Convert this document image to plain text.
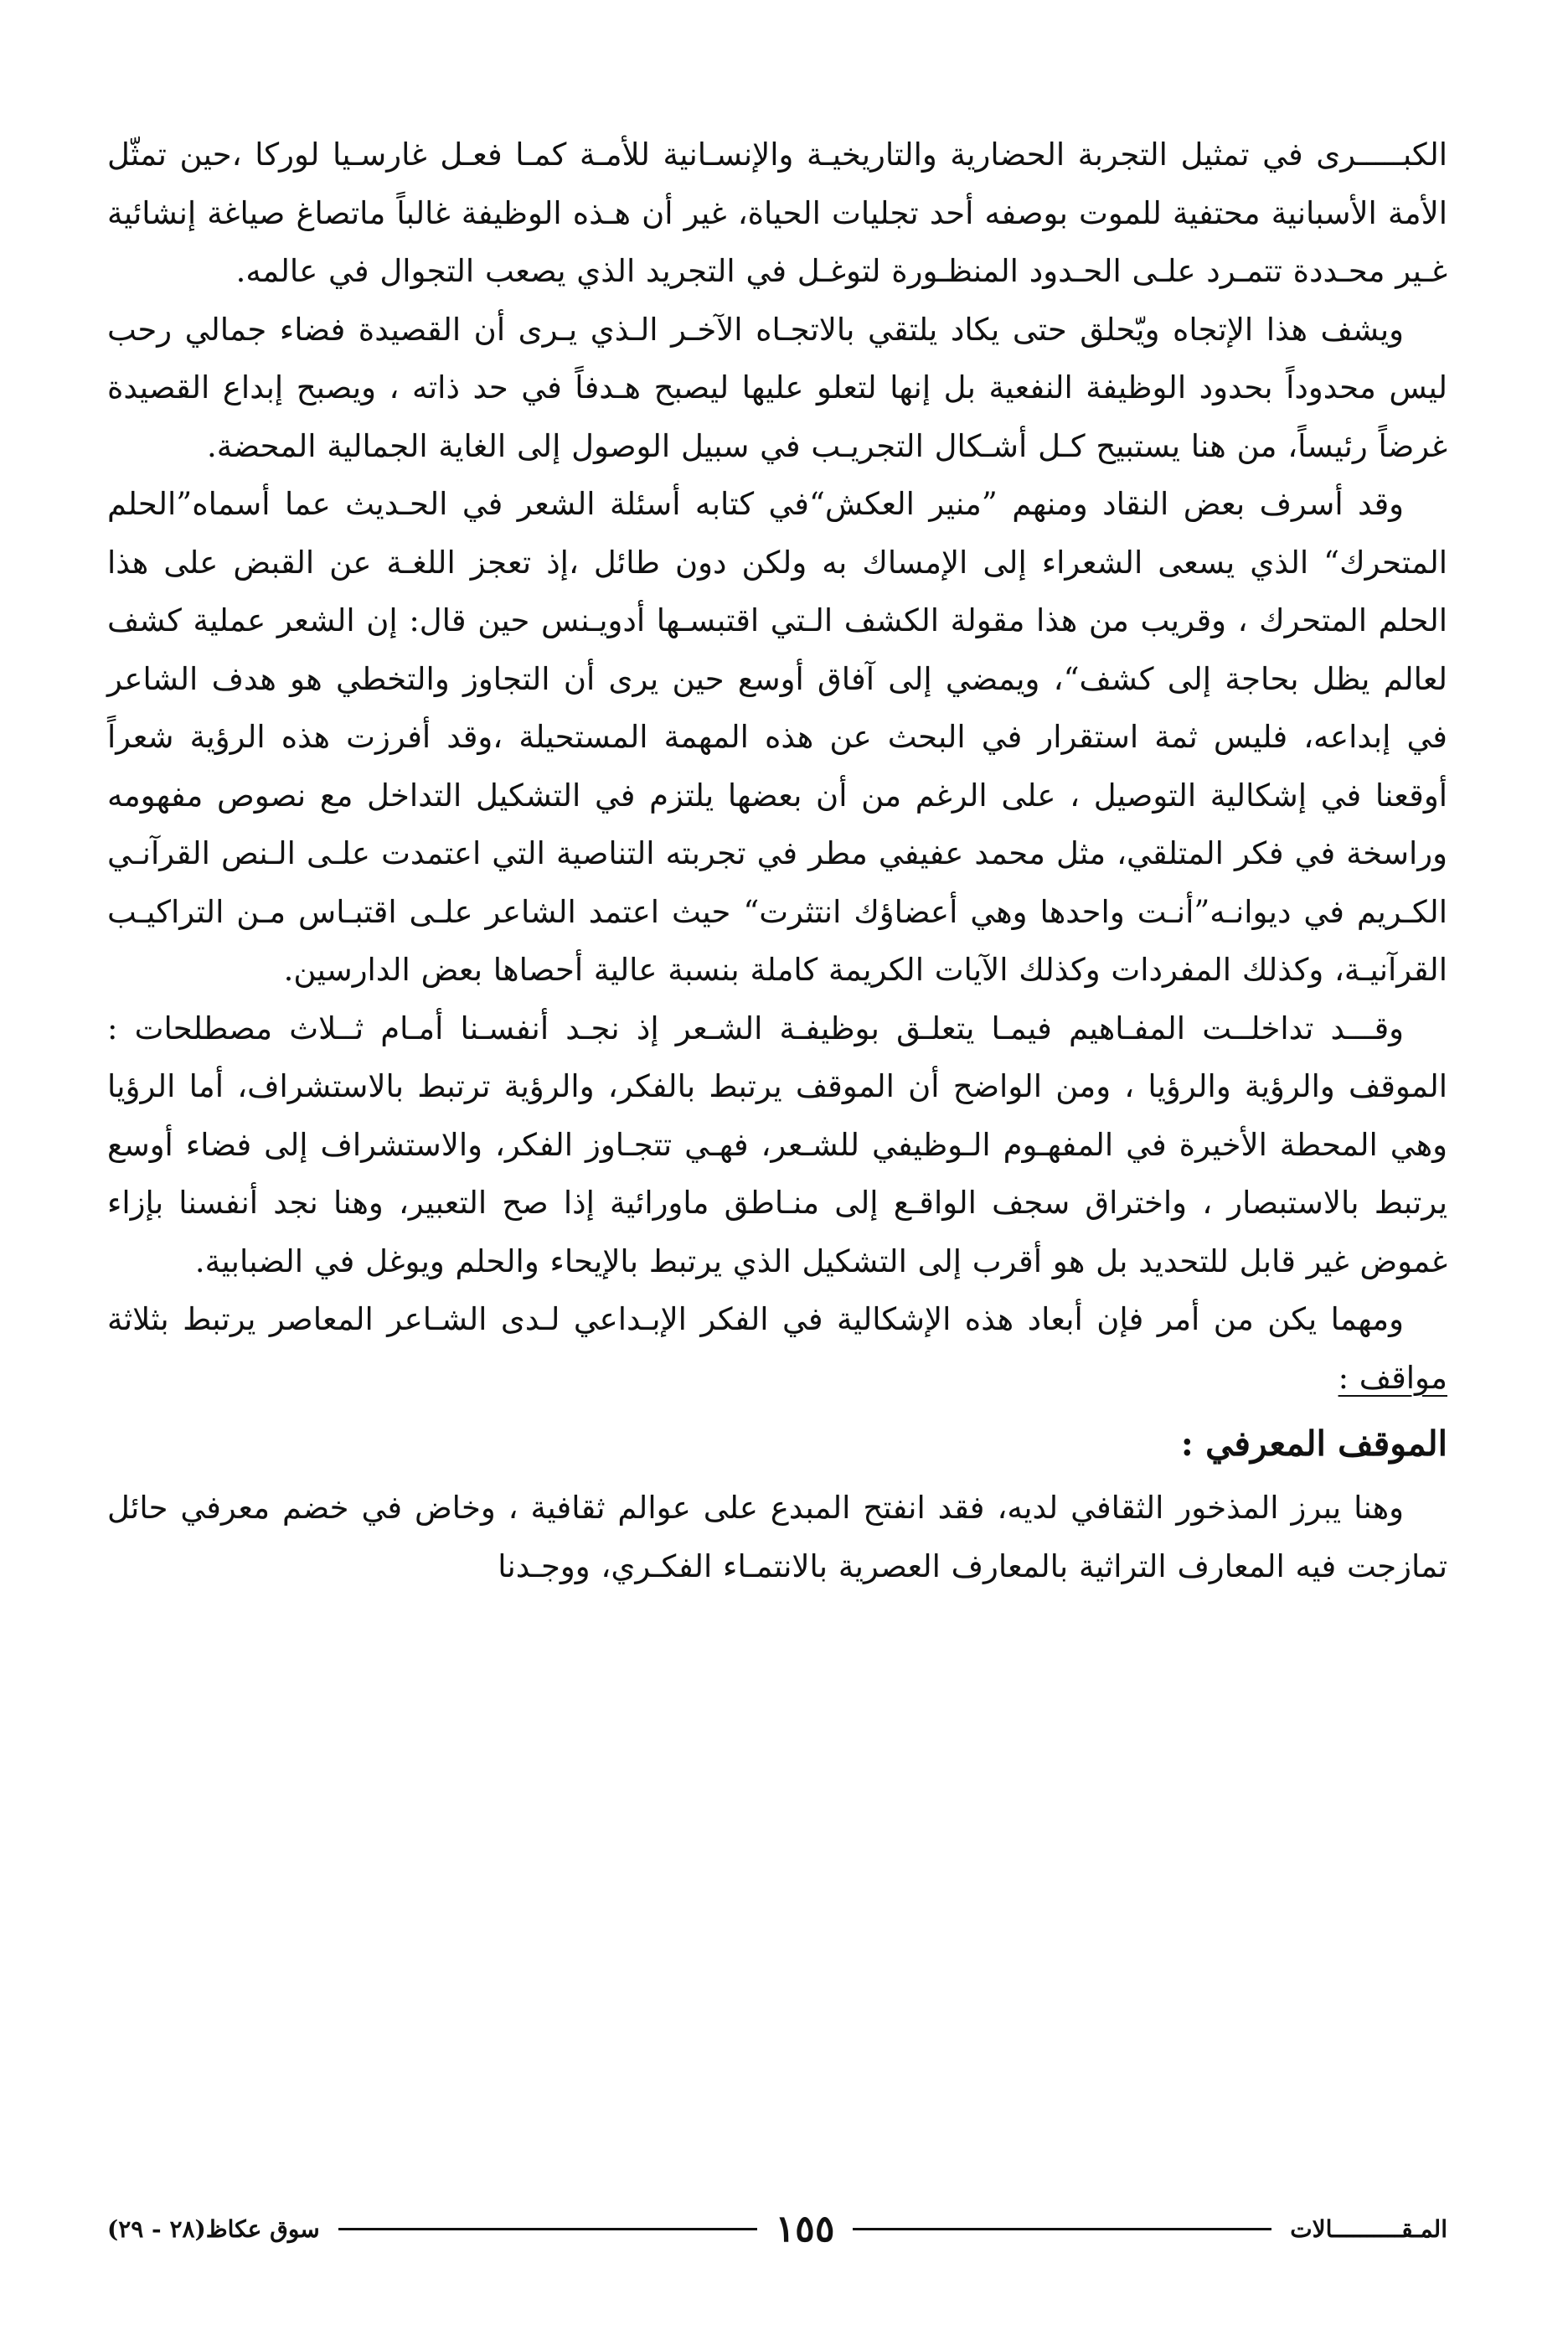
الكبـــــرى في تمثيل التجربة الحضارية والتاريخيـة والإنسـانية للأمـة كمـا فعـل غارسـيا لوركا ،حين تمثّل الأمة الأسبانية محتفية للموت بوصفه أحد تجليات الحياة، غير أن هـذه الوظيفة غالباً ماتصاغ صياغة إنشائية غـير محـددة تتمـرد علـى الحـدود المنظـورة لتوغـل في التجريد الذي يصعب التجوال في عالمه.

ويشف هذا الإتجاه ويّحلق حتى يكاد يلتقي بالاتجـاه الآخـر الـذي يـرى أن القصيدة فضاء جمالي رحب ليس محدوداً بحدود الوظيفة النفعية بل إنها لتعلو عليها ليصبح هـدفاً في حد ذاته ، ويصبح إبداع القصيدة غرضاً رئيساً، من هنا يستبيح كـل أشـكال التجريـب في سبيل الوصول إلى الغاية الجمالية المحضة.

وقد أسرف بعض النقاد ومنهم ”منير العكش“في كتابه أسئلة الشعر في الحـديث عما أسماه”الحلم المتحرك“ الذي يسعى الشعراء إلى الإمساك به ولكن دون طائل ،إذ تعجز اللغـة عن القبض على هذا الحلم المتحرك ، وقريب من هذا مقولة الكشف الـتي اقتبسـها أدويـنس حين قال: إن الشعر عملية كشف لعالم يظل بحاجة إلى كشف“، ويمضي إلى آفاق أوسع حين يرى أن التجاوز والتخطي هو هدف الشاعر في إبداعه، فليس ثمة استقرار في البحث عن هذه المهمة المستحيلة ،وقد أفرزت هذه الرؤية شعراً أوقعنا في إشكالية التوصيل ، على الرغم من أن بعضها يلتزم في التشكيل التداخل مع نصوص مفهومه وراسخة في فكر المتلقي، مثل محمد عفيفي مطر في تجربته التناصية التي اعتمدت علـى الـنص القرآنـي الكـريم في ديوانـه”أنـت واحدها وهي أعضاؤك انتثرت“ حيث اعتمد الشاعر علـى اقتبـاس مـن التراكيـب القرآنيـة، وكذلك المفردات وكذلك الآيات الكريمة كاملة بنسبة عالية أحصاها بعض الدارسين.

وقـــد تداخلــت المفـاهيم فيمـا يتعلـق بوظيفـة الشـعر إذ نجـد أنفسـنا أمـام ثــلاث مصطلحات : الموقف والرؤية والرؤيا ، ومن الواضح أن الموقف يرتبط بالفكر، والرؤية ترتبط بالاستشراف، أما الرؤيا وهي المحطة الأخيرة في المفهـوم الـوظيفي للشـعر، فهـي تتجـاوز الفكر، والاستشراف إلى فضاء أوسع يرتبط بالاستبصار ، واختراق سجف الواقـع إلى منـاطق ماورائية إذا صح التعبير، وهنا نجد أنفسنا بإزاء غموض غير قابل للتحديد بل هو أقرب إلى التشكيل الذي يرتبط بالإيحاء والحلم ويوغل في الضبابية.

ومهما يكن من أمر فإن أبعاد هذه الإشكالية في الفكر الإبـداعي لـدى الشـاعر المعاصر يرتبط بثلاثة مواقف :

الموقف المعرفي :

وهنا يبرز المذخور الثقافي لديه، فقد انفتح المبدع على عوالم ثقافية ، وخاض في خضم معرفي حائل تمازجت فيه المعارف التراثية بالمعارف العصرية بالانتمـاء الفكـري، ووجـدنا

المـقــــــــــالات
١٥٥
سوق عكاظ(٢٨ - ٢٩)
